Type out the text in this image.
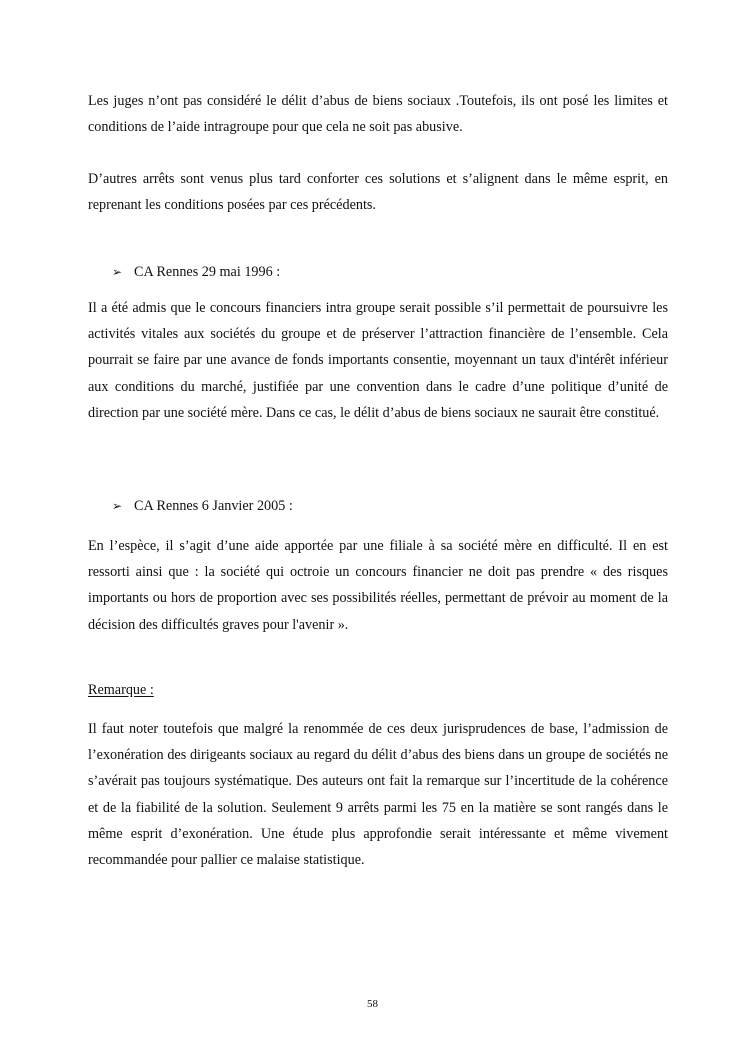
Les juges n’ont pas considéré le délit d’abus de biens sociaux .Toutefois, ils ont posé les limites et conditions de l’aide intragroupe pour que cela ne soit pas abusive.

D’autres arrêts sont venus plus tard conforter ces solutions et s’alignent dans le même esprit, en reprenant les conditions posées par ces précédents.

➢ CA Rennes 29 mai 1996 :

Il a été admis que le concours financiers intra groupe serait possible s’il permettait de poursuivre les activités vitales aux sociétés du groupe et de préserver l’attraction financière de l’ensemble. Cela pourrait se faire par une avance de fonds importants consentie, moyennant un taux d'intérêt inférieur aux conditions du marché, justifiée par une convention dans le cadre d’une politique d’unité de direction par une société mère. Dans ce cas, le délit d’abus de biens sociaux ne saurait être constitué.

➢ CA Rennes 6 Janvier 2005 :

En l’espèce, il s’agit d’une aide apportée par une filiale à sa société mère en difficulté. Il en est ressorti ainsi que : la société qui octroie un concours financier ne doit pas prendre « des risques importants ou hors de proportion avec ses possibilités réelles, permettant de prévoir au moment de la décision des difficultés graves pour l'avenir ».

Remarque :

Il faut noter toutefois que malgré la renommée de ces deux jurisprudences de base, l’admission de l’exonération des dirigeants sociaux au regard du délit d’abus des biens dans un groupe de sociétés ne s’avérait pas toujours systématique. Des auteurs ont fait la remarque sur l’incertitude de la cohérence et de la fiabilité de la solution. Seulement 9 arrêts parmi les 75 en la matière se sont rangés dans le même esprit d’exonération. Une étude plus approfondie serait intéressante et même vivement recommandée pour pallier ce malaise statistique.

58
